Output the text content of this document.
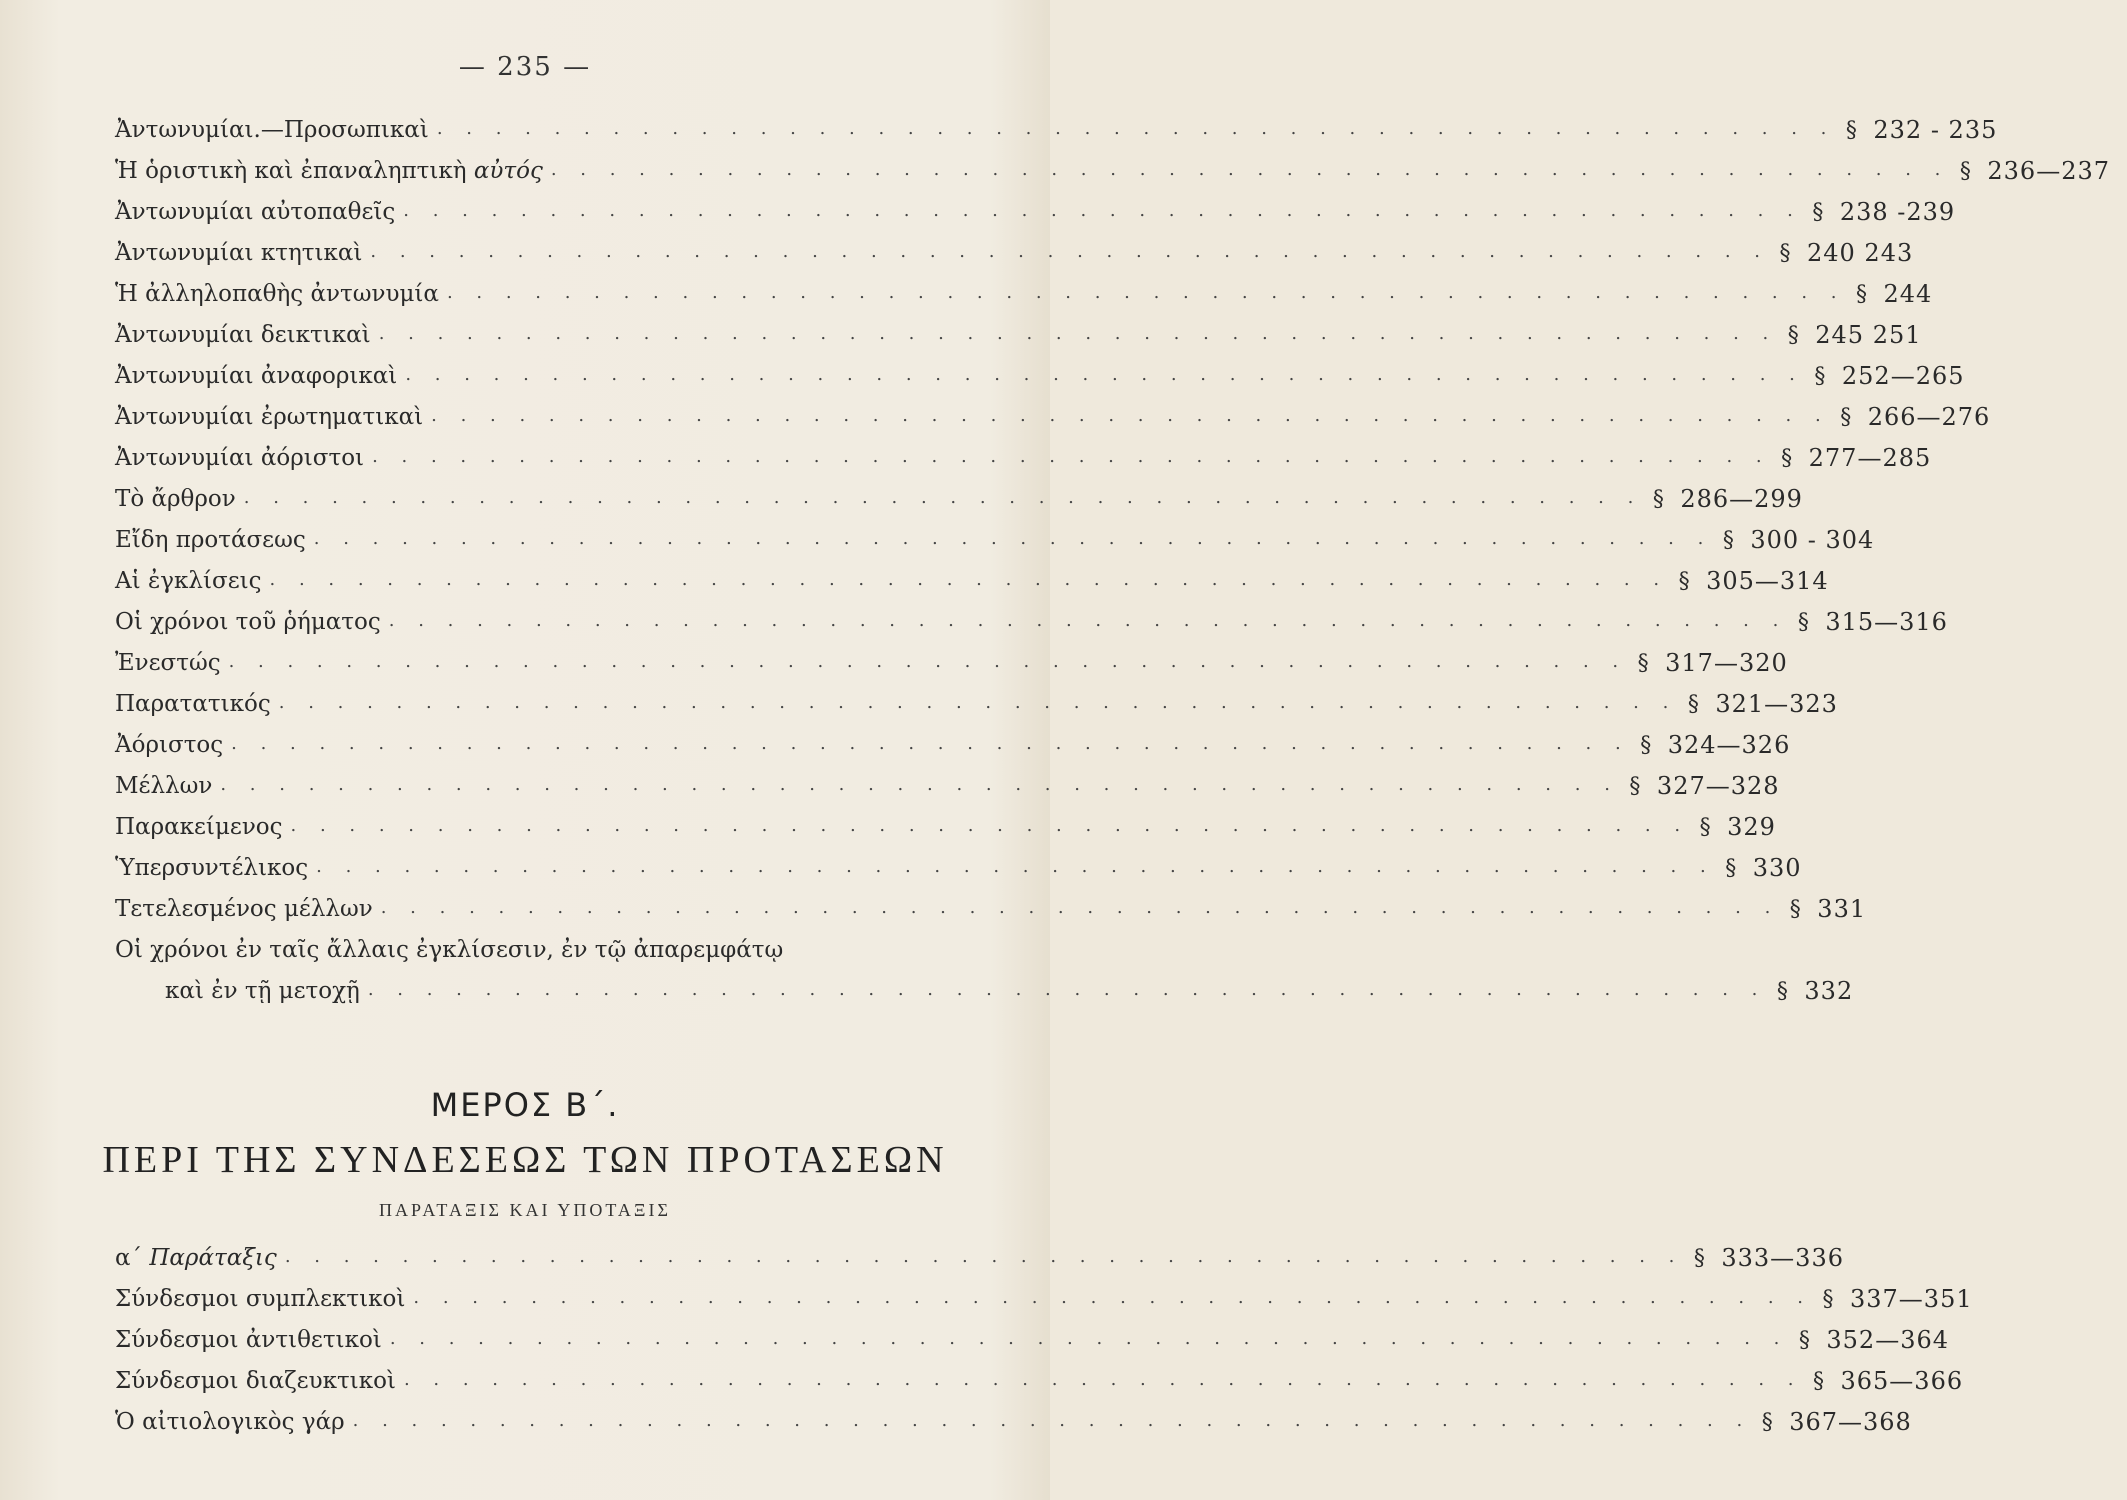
— 235 —
Ἀντωνυμίαι.—Προσωπικαὶ . . . . . . . . . . . . . . . . . . . . . . . . . . . . . . . . . . . . . . . . . . . . . . . . § 232 - 235
Ἡ ὁριστικὴ καὶ ἐπαναληπτικὴ αὐτός . . . . . . . . . . . . . . . . . . . . . . . . . . . . . . . . . . . . . . . . . . . . . . . . § 236—237
Ἀντωνυμίαι αὐτοπαθεῖς . . . . . . . . . . . . . . . . . . . . . . . . . . . . . . . . . . . . . . . . . . . . . . . . § 238 -239
Ἀντωνυμίαι κτητικαὶ . . . . . . . . . . . . . . . . . . . . . . . . . . . . . . . . . . . . . . . . . . . . . . . . § 240 243
Ἡ ἀλληλοπαθὴς ἀντωνυμία . . . . . . . . . . . . . . . . . . . . . . . . . . . . . . . . . . . . . . . . . . . . . . . . § 244
Ἀντωνυμίαι δεικτικαὶ . . . . . . . . . . . . . . . . . . . . . . . . . . . . . . . . . . . . . . . . . . . . . . . . § 245 251
Ἀντωνυμίαι ἀναφορικαὶ . . . . . . . . . . . . . . . . . . . . . . . . . . . . . . . . . . . . . . . . . . . . . . . . § 252—265
Ἀντωνυμίαι ἐρωτηματικαὶ . . . . . . . . . . . . . . . . . . . . . . . . . . . . . . . . . . . . . . . . . . . . . . . . § 266—276
Ἀντωνυμίαι ἀόριστοι . . . . . . . . . . . . . . . . . . . . . . . . . . . . . . . . . . . . . . . . . . . . . . . . § 277—285
Τὸ ἄρθρον . . . . . . . . . . . . . . . . . . . . . . . . . . . . . . . . . . . . . . . . . . . . . . . . § 286—299
Εἴδη προτάσεως . . . . . . . . . . . . . . . . . . . . . . . . . . . . . . . . . . . . . . . . . . . . . . . . § 300 - 304
Αἱ ἐγκλίσεις . . . . . . . . . . . . . . . . . . . . . . . . . . . . . . . . . . . . . . . . . . . . . . . . § 305—314
Οἱ χρόνοι τοῦ ῥήματος . . . . . . . . . . . . . . . . . . . . . . . . . . . . . . . . . . . . . . . . . . . . . . . . § 315—316
Ἐνεστώς . . . . . . . . . . . . . . . . . . . . . . . . . . . . . . . . . . . . . . . . . . . . . . . . § 317—320
Παρατατικός . . . . . . . . . . . . . . . . . . . . . . . . . . . . . . . . . . . . . . . . . . . . . . . . § 321—323
Ἀόριστος . . . . . . . . . . . . . . . . . . . . . . . . . . . . . . . . . . . . . . . . . . . . . . . . § 324—326
Μέλλων . . . . . . . . . . . . . . . . . . . . . . . . . . . . . . . . . . . . . . . . . . . . . . . . § 327—328
Παρακείμενος . . . . . . . . . . . . . . . . . . . . . . . . . . . . . . . . . . . . . . . . . . . . . . . . § 329
Ὑπερσυντέλικος . . . . . . . . . . . . . . . . . . . . . . . . . . . . . . . . . . . . . . . . . . . . . . . . § 330
Τετελεσμένος μέλλων . . . . . . . . . . . . . . . . . . . . . . . . . . . . . . . . . . . . . . . . . . . . . . . . § 331
Οἱ χρόνοι ἐν ταῖς ἄλλαις ἐγκλίσεσιν, ἐν τῷ ἀπαρεμφάτῳ
καὶ ἐν τῇ μετοχῇ . . . . . . . . . . . . . . . . . . . . . . . . . . . . . . . . . . . . . . . . . . . . . . . . § 332
ΜΕΡΟΣ Β΄.
ΠΕΡΙ ΤΗΣ ΣΥΝΔΕΣΕΩΣ ΤΩΝ ΠΡΟΤΑΣΕΩΝ
ΠΑΡΑΤΑΞΙΣ ΚΑΙ ΥΠΟΤΑΞΙΣ
α΄ Παράταξις . . . . . . . . . . . . . . . . . . . . . . . . . . . . . . . . . . . . . . . . . . . . . . . . § 333—336
Σύνδεσμοι συμπλεκτικοὶ . . . . . . . . . . . . . . . . . . . . . . . . . . . . . . . . . . . . . . . . . . . . . . . . § 337—351
Σύνδεσμοι ἀντιθετικοὶ . . . . . . . . . . . . . . . . . . . . . . . . . . . . . . . . . . . . . . . . . . . . . . . . § 352—364
Σύνδεσμοι διαζευκτικοὶ . . . . . . . . . . . . . . . . . . . . . . . . . . . . . . . . . . . . . . . . . . . . . . . . § 365—366
Ὁ αἰτιολογικὸς γάρ . . . . . . . . . . . . . . . . . . . . . . . . . . . . . . . . . . . . . . . . . . . . . . . . § 367—368
